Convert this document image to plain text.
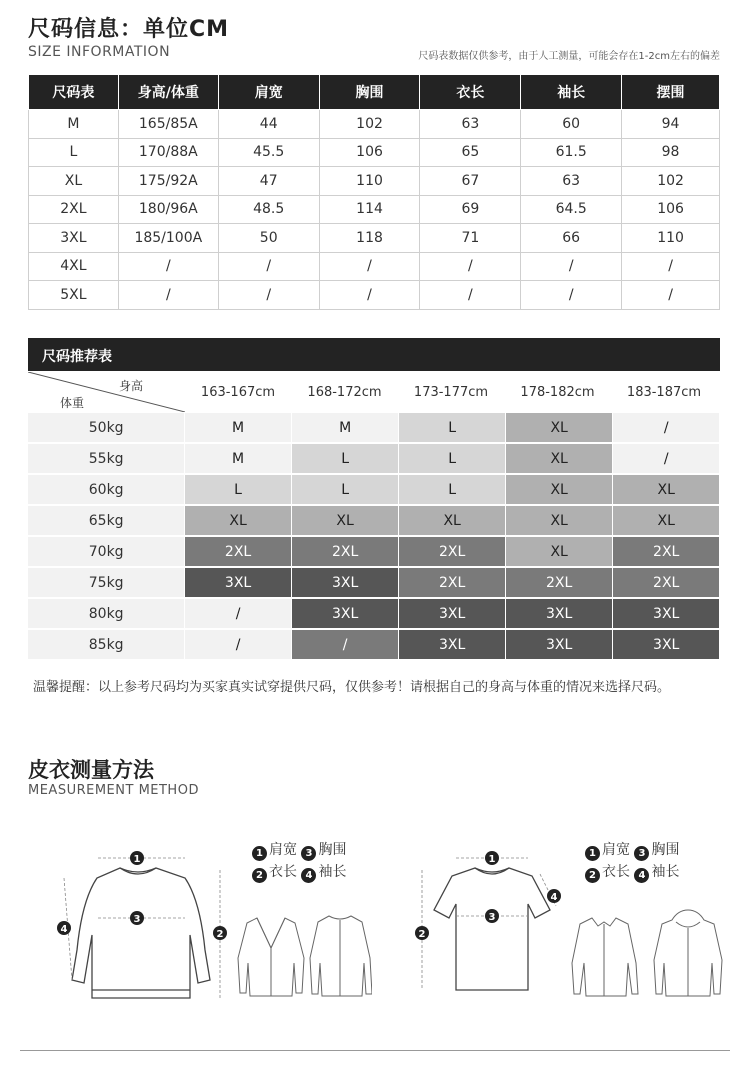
尺码信息：单位CM
SIZE INFORMATION	尺码表数据仅供参考，由于人工测量，可能会存在1-2cm左右的偏差
尺码表	身高/体重	肩宽	胸围	衣长	袖长	摆围
M	165/85A	44	102	63	60	94
L	170/88A	45.5	106	65	61.5	98
XL	175/92A	47	110	67	63	102
2XL	180/96A	48.5	114	69	64.5	106
3XL	185/100A	50	118	71	66	110
4XL	/	/	/	/	/	/
5XL	/	/	/	/	/	/
尺码推荐表
身高
体重
163-167cm	168-172cm	173-177cm	178-182cm	183-187cm
50kg	M	M	L	XL	/
55kg	M	L	L	XL	/
60kg	L	L	L	XL	XL
65kg	XL	XL	XL	XL	XL
70kg	2XL	2XL	2XL	XL	2XL
75kg	3XL	3XL	2XL	2XL	2XL
80kg	/	3XL	3XL	3XL	3XL
85kg	/	/	3XL	3XL	3XL
温馨提醒：以上参考尺码均为买家真实试穿提供尺码，仅供参考！请根据自己的身高与体重的情况来选择尺码。
皮衣测量方法
MEASUREMENT METHOD
1 肩宽 3 胸围
2 衣长 4 袖长
1 肩宽 3 胸围
2 衣长 4 袖长
1
3
2
4
1
3
2
4
